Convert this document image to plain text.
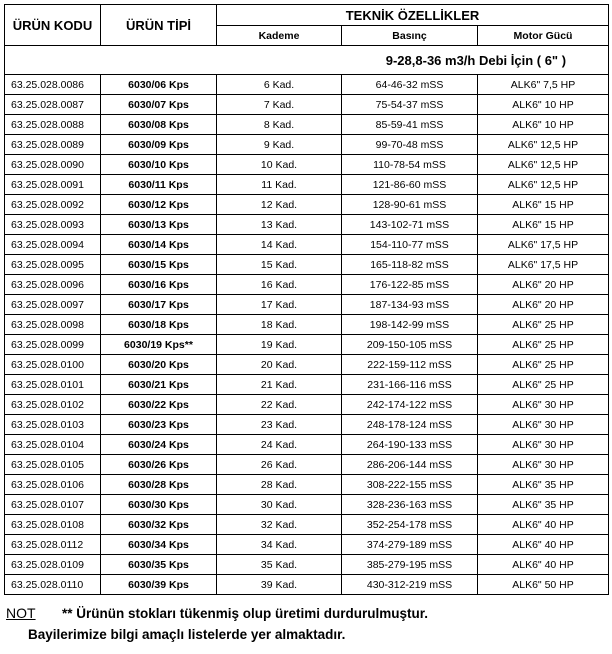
ÜRÜN KODU	ÜRÜN TİPİ	TEKNİK ÖZELLİKLER		
		Kademe	Basınç	Motor Gücü
9-28,8-36 m3/h Debi İçin ( 6" )				
63.25.028.0086	6030/06 Kps	6 Kad.	64-46-32 mSS	ALK6" 7,5 HP
63.25.028.0087	6030/07 Kps	7 Kad.	75-54-37 mSS	ALK6" 10 HP
63.25.028.0088	6030/08 Kps	8 Kad.	85-59-41 mSS	ALK6" 10 HP
63.25.028.0089	6030/09 Kps	9 Kad.	99-70-48 mSS	ALK6" 12,5 HP
63.25.028.0090	6030/10 Kps	10 Kad.	110-78-54 mSS	ALK6" 12,5 HP
63.25.028.0091	6030/11 Kps	11 Kad.	121-86-60 mSS	ALK6" 12,5 HP
63.25.028.0092	6030/12 Kps	12 Kad.	128-90-61 mSS	ALK6" 15 HP
63.25.028.0093	6030/13 Kps	13 Kad.	143-102-71 mSS	ALK6" 15 HP
63.25.028.0094	6030/14 Kps	14 Kad.	154-110-77 mSS	ALK6" 17,5 HP
63.25.028.0095	6030/15 Kps	15 Kad.	165-118-82 mSS	ALK6" 17,5 HP
63.25.028.0096	6030/16 Kps	16 Kad.	176-122-85 mSS	ALK6" 20 HP
63.25.028.0097	6030/17 Kps	17 Kad.	187-134-93 mSS	ALK6" 20 HP
63.25.028.0098	6030/18 Kps	18 Kad.	198-142-99 mSS	ALK6" 25 HP
63.25.028.0099	6030/19 Kps**	19 Kad.	209-150-105 mSS	ALK6" 25 HP
63.25.028.0100	6030/20 Kps	20 Kad.	222-159-112 mSS	ALK6" 25 HP
63.25.028.0101	6030/21 Kps	21 Kad.	231-166-116 mSS	ALK6" 25 HP
63.25.028.0102	6030/22 Kps	22 Kad.	242-174-122 mSS	ALK6" 30 HP
63.25.028.0103	6030/23 Kps	23 Kad.	248-178-124 mSS	ALK6" 30 HP
63.25.028.0104	6030/24 Kps	24 Kad.	264-190-133 mSS	ALK6" 30 HP
63.25.028.0105	6030/26 Kps	26 Kad.	286-206-144 mSS	ALK6" 30 HP
63.25.028.0106	6030/28 Kps	28 Kad.	308-222-155 mSS	ALK6" 35 HP
63.25.028.0107	6030/30 Kps	30 Kad.	328-236-163 mSS	ALK6" 35 HP
63.25.028.0108	6030/32 Kps	32 Kad.	352-254-178 mSS	ALK6" 40 HP
63.25.028.0112	6030/34 Kps	34 Kad.	374-279-189 mSS	ALK6" 40 HP
63.25.028.0109	6030/35 Kps	35 Kad.	385-279-195 mSS	ALK6" 40 HP
63.25.028.0110	6030/39 Kps	39 Kad.	430-312-219 mSS	ALK6" 50 HP
NOT ** Ürünün stokları tükenmiş olup üretimi durdurulmuştur.
Bayilerimize bilgi amaçlı listelerde yer almaktadır.
